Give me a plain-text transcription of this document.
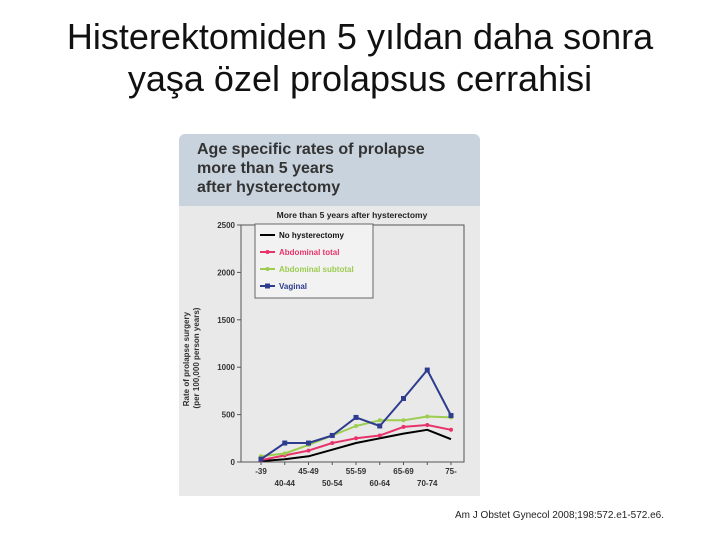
Histerektomiden 5 yıldan daha sonra
yaşa özel prolapsus cerrahisi
Age specific rates of prolapse
more than 5 years
after hysterectomy
More than 5 years after hysterectomy
Rate of prolapse surgery (per 100,000 person years)
0
500
1000
1500
2000
2500
-39
40-44
45-49
50-54
55-59
60-64
65-69
70-74
75-
No hysterectomy
Abdominal total
Abdominal subtotal
Vaginal
Am J Obstet Gynecol 2008;198:572.e1-572.e6.
